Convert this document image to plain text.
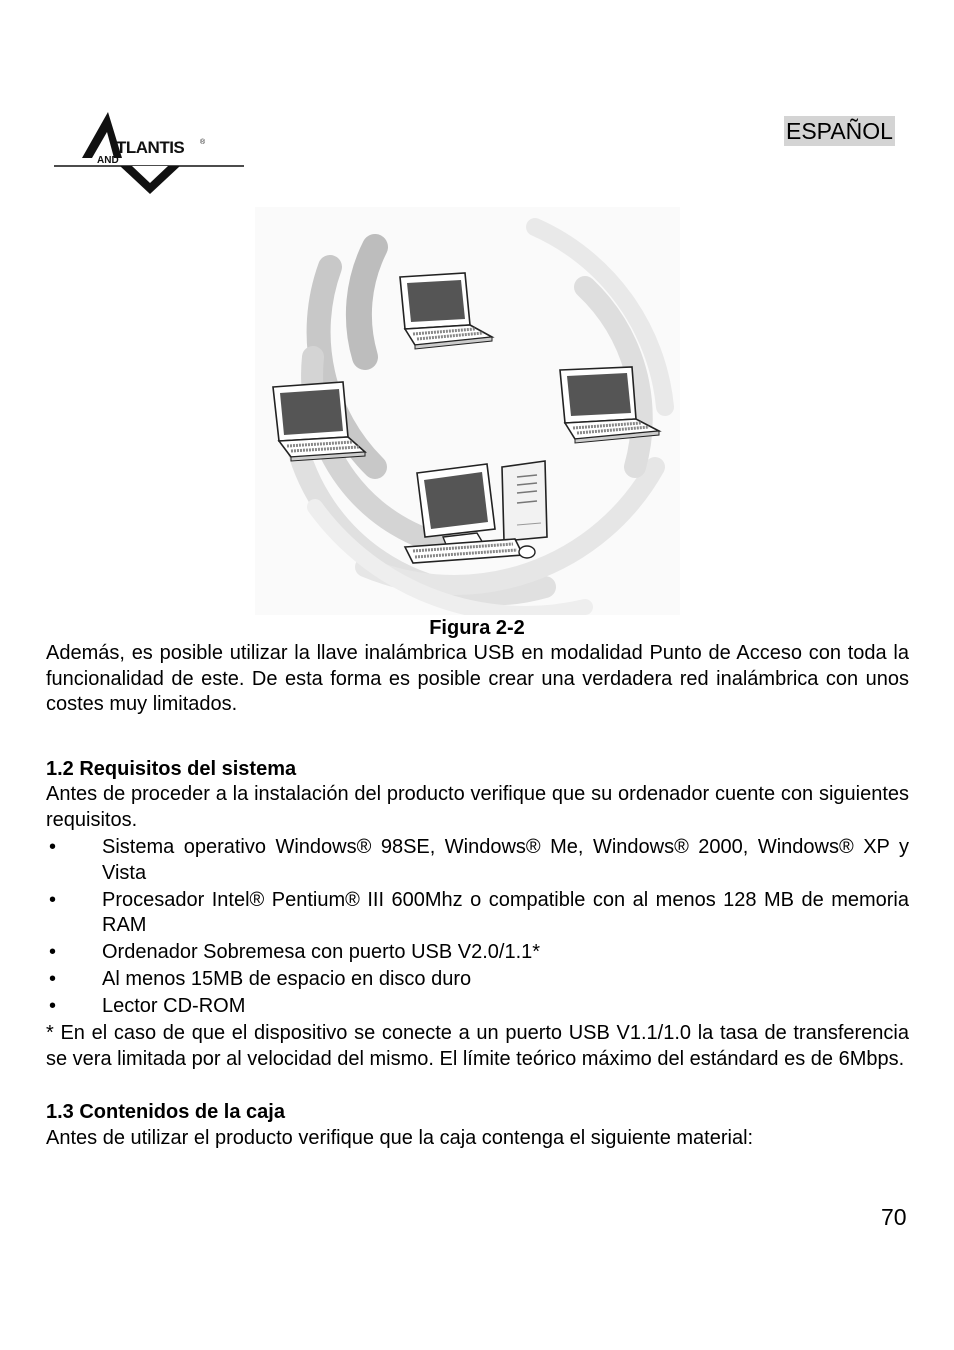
TLANTIS ®
AND
ESPAÑOL
Figura 2-2

Además, es posible utilizar la llave inalámbrica USB en modalidad Punto de Acceso con toda la funcionalidad de este. De esta forma es posible crear una verdadera red inalámbrica con unos costes muy limitados.

1.2 Requisitos del sistema

Antes de proceder a la instalación del producto verifique que su ordenador cuente con siguientes requisitos.

• Sistema operativo Windows® 98SE, Windows® Me, Windows® 2000, Windows® XP y Vista
• Procesador Intel® Pentium® III 600Mhz o compatible con al menos 128 MB de memoria RAM
• Ordenador Sobremesa con puerto USB V2.0/1.1*
• Al menos 15MB de espacio en disco duro
• Lector CD-ROM

* En el caso de que el dispositivo se conecte a un puerto USB V1.1/1.0 la tasa de transferencia se vera limitada por al velocidad del mismo. El límite teórico máximo del estándard es de 6Mbps.

1.3 Contenidos de la caja

Antes de utilizar el producto verifique que la caja contenga el siguiente material:

70
